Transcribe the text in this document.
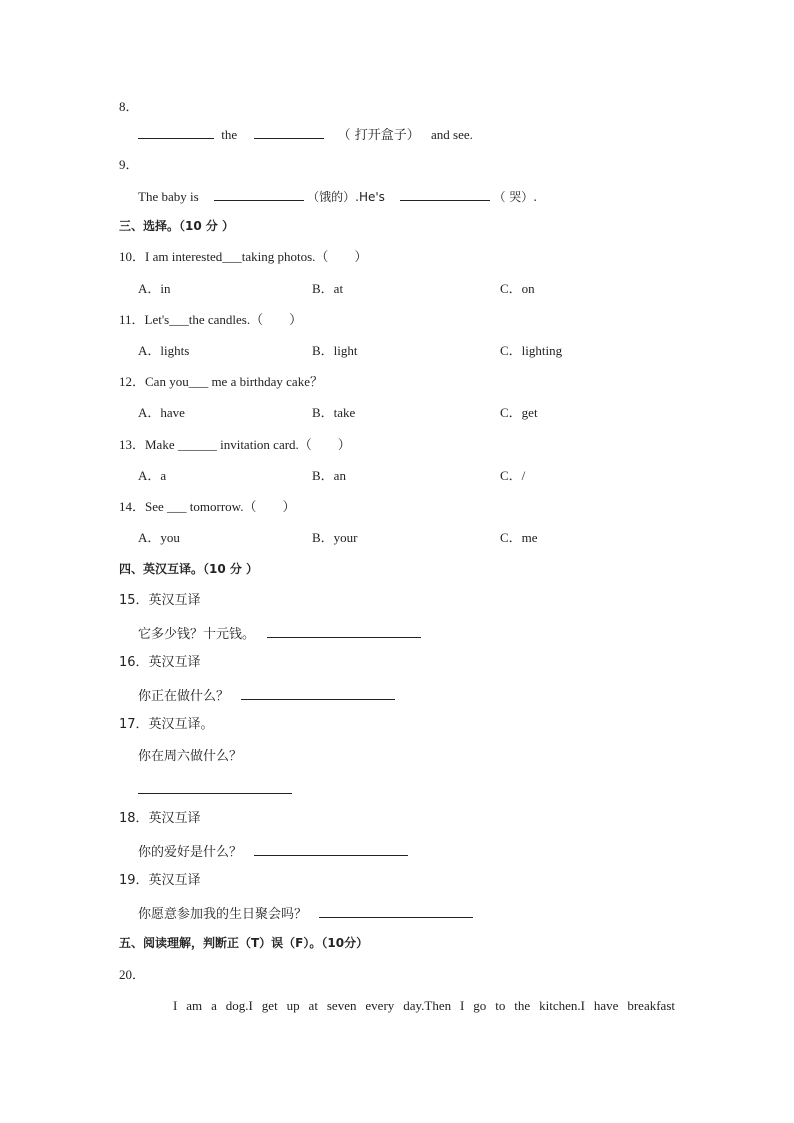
8．
the	（ 打开盒子） and see.
9．
The baby is	（饿的）.He's	（ 哭）.
三、选择。（10 分 ）
10．I am interested___taking photos.（　　）
A．in	B．at	C．on
11．Let's___the candles.（　　）
A．lights	B．light	C．lighting
12．Can you___ me a birthday cake？
A．have	B．take	C．get
13．Make ______ invitation card.（　　）
A．a	B．an	C．/
14．See ___ tomorrow.（　　）
A．you	B．your	C．me
四、英汉互译。（10 分 ）
15．英汉互译
它多少钱？十元钱。
16．英汉互译
你正在做什么？
17．英汉互译。
你在周六做什么？
18．英汉互译
你的爱好是什么？
19．英汉互译
你愿意参加我的生日聚会吗？
五、阅读理解，判断正（T）误（F）。（10分）
20．
I am a dog.I get up at seven every day.Then I go to the kitchen.I have breakfast
